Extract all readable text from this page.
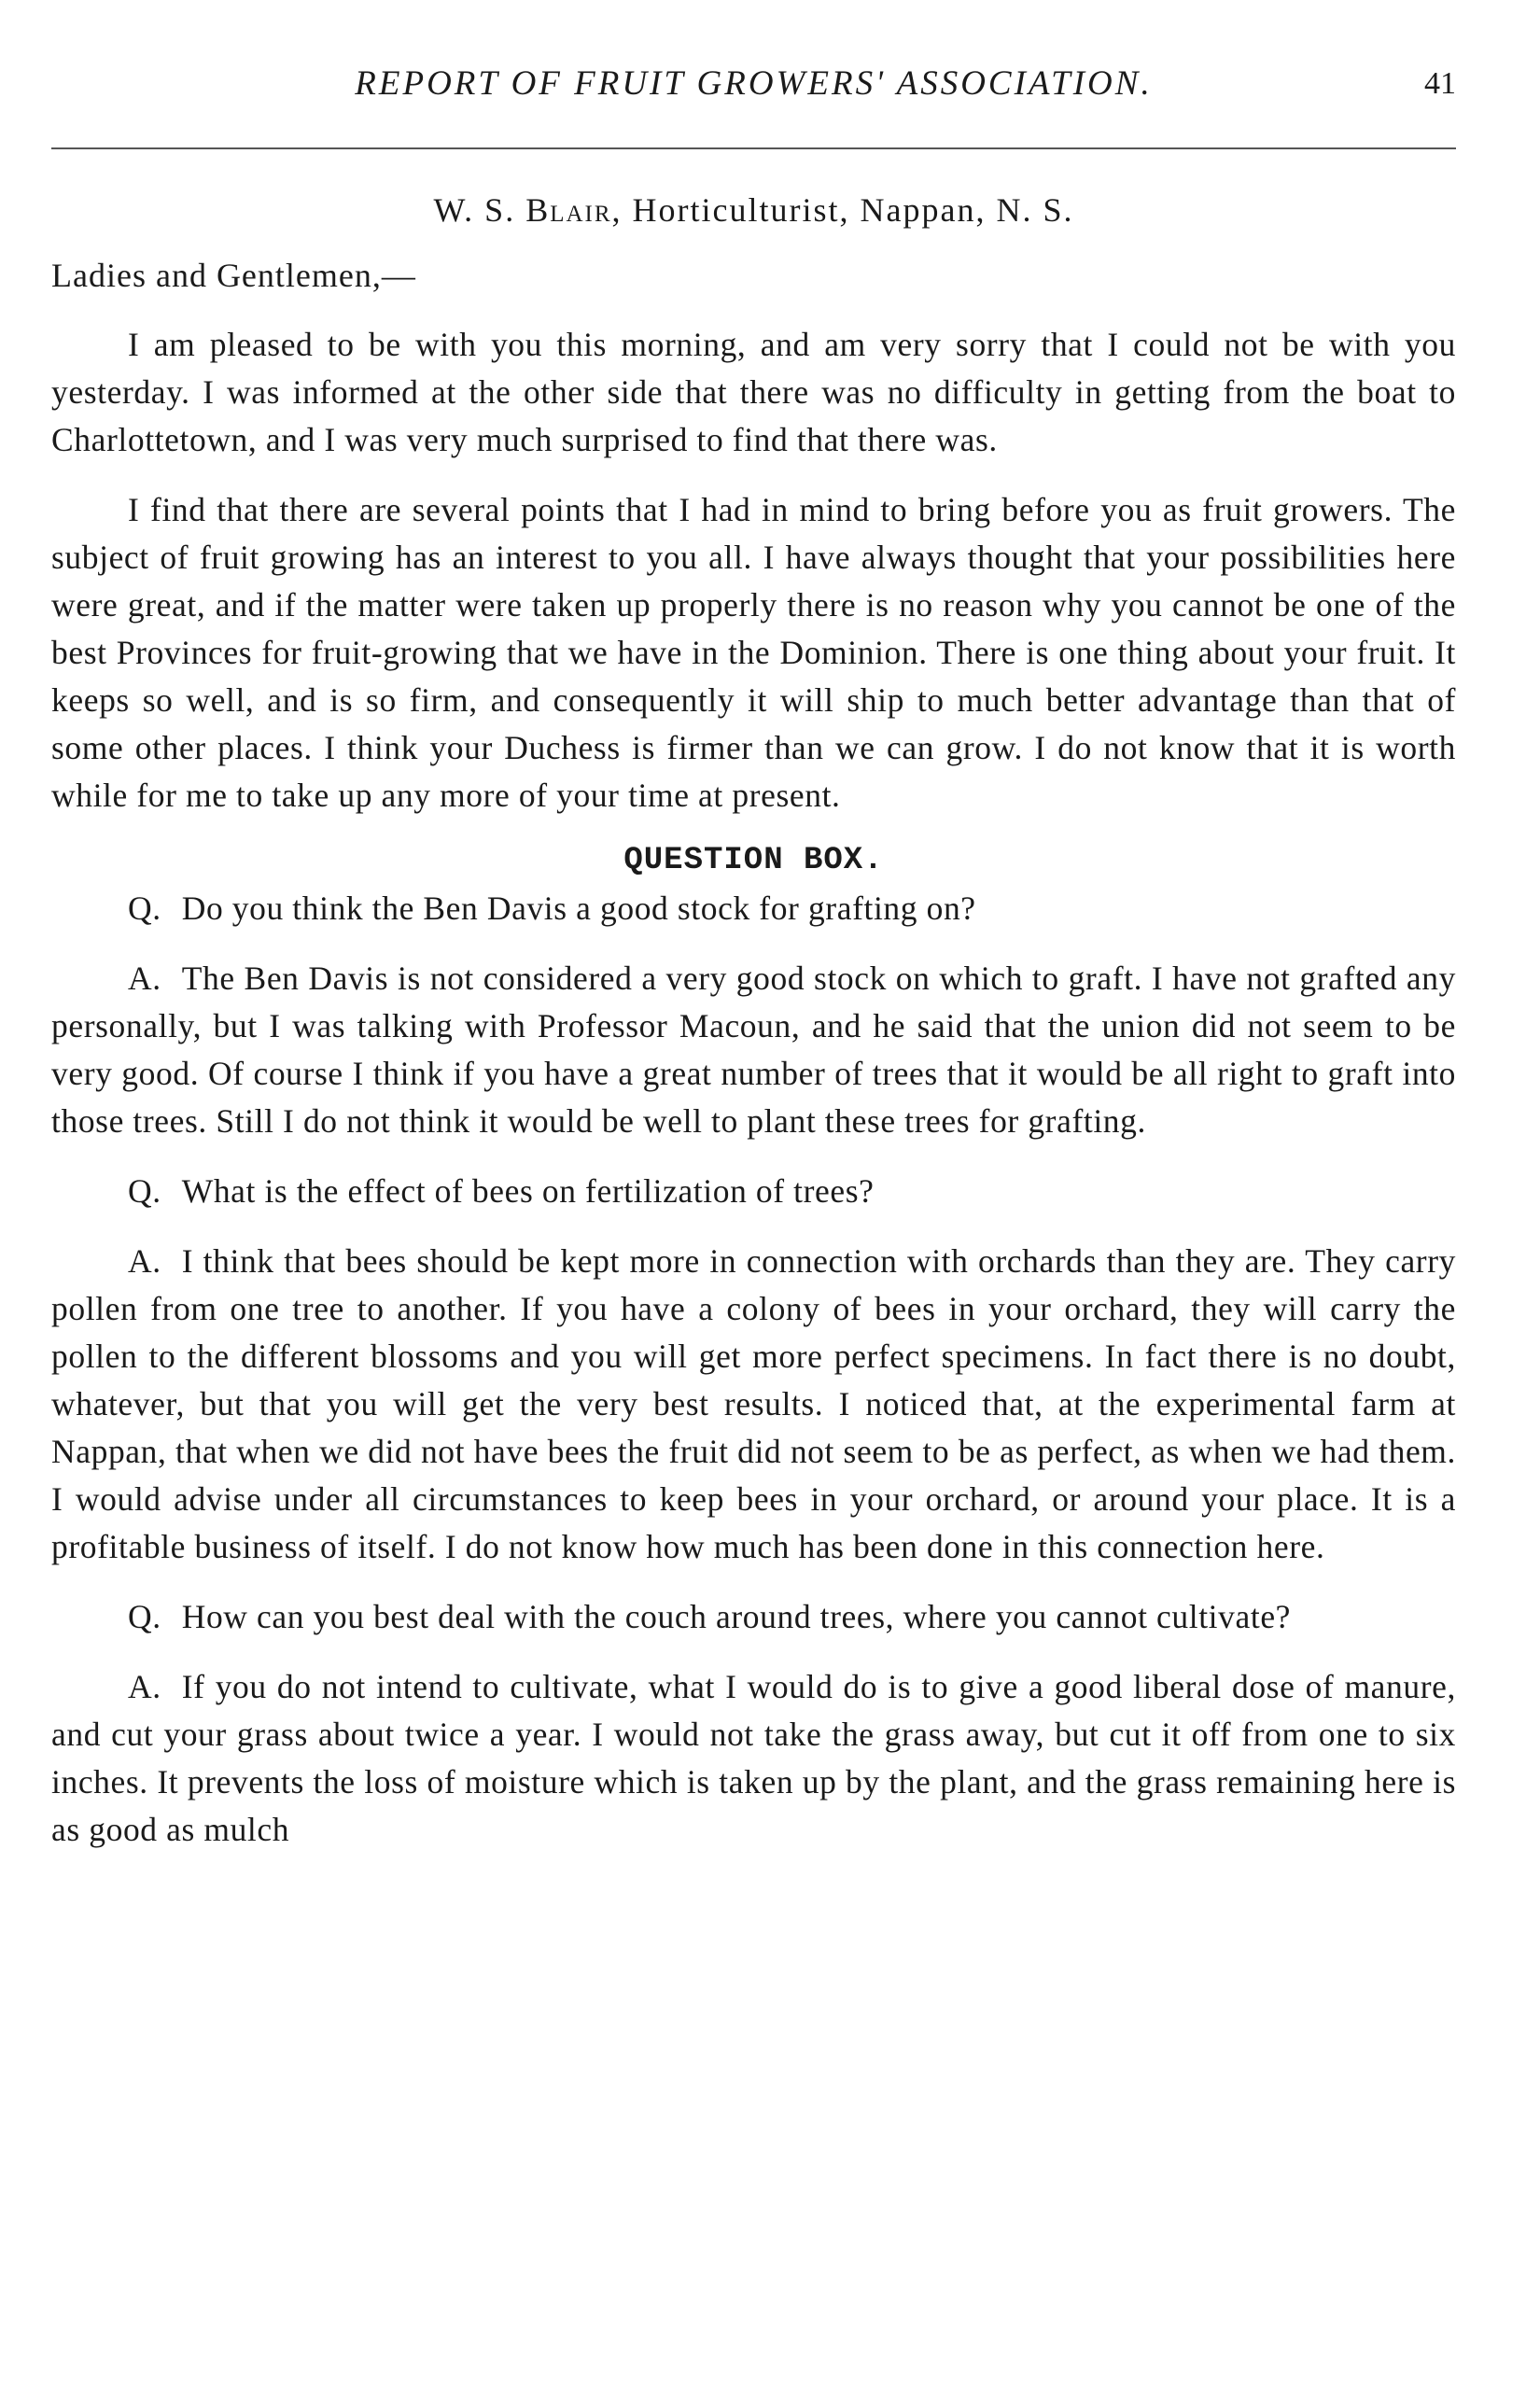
REPORT OF FRUIT GROWERS' ASSOCIATION.	41
W. S. Blair, Horticulturist, Nappan, N. S.
Ladies and Gentlemen,—

I am pleased to be with you this morning, and am very sorry that I could not be with you yesterday. I was informed at the other side that there was no difficulty in getting from the boat to Charlottetown, and I was very much surprised to find that there was.

I find that there are several points that I had in mind to bring before you as fruit growers. The subject of fruit growing has an interest to you all. I have always thought that your possibilities here were great, and if the matter were taken up properly there is no reason why you cannot be one of the best Provinces for fruit-growing that we have in the Dominion. There is one thing about your fruit. It keeps so well, and is so firm, and consequently it will ship to much better advantage than that of some other places. I think your Duchess is firmer than we can grow. I do not know that it is worth while for me to take up any more of your time at present.

QUESTION BOX.

Q. Do you think the Ben Davis a good stock for grafting on?

A. The Ben Davis is not considered a very good stock on which to graft. I have not grafted any personally, but I was talking with Professor Macoun, and he said that the union did not seem to be very good. Of course I think if you have a great number of trees that it would be all right to graft into those trees. Still I do not think it would be well to plant these trees for grafting.

Q. What is the effect of bees on fertilization of trees?

A. I think that bees should be kept more in connection with orchards than they are. They carry pollen from one tree to another. If you have a colony of bees in your orchard, they will carry the pollen to the different blossoms and you will get more perfect specimens. In fact there is no doubt, whatever, but that you will get the very best results. I noticed that, at the experimental farm at Nappan, that when we did not have bees the fruit did not seem to be as perfect, as when we had them. I would advise under all circumstances to keep bees in your orchard, or around your place. It is a profitable business of itself. I do not know how much has been done in this connection here.

Q. How can you best deal with the couch around trees, where you cannot cultivate?

A. If you do not intend to cultivate, what I would do is to give a good liberal dose of manure, and cut your grass about twice a year. I would not take the grass away, but cut it off from one to six inches. It prevents the loss of moisture which is taken up by the plant, and the grass remaining here is as good as mulch
